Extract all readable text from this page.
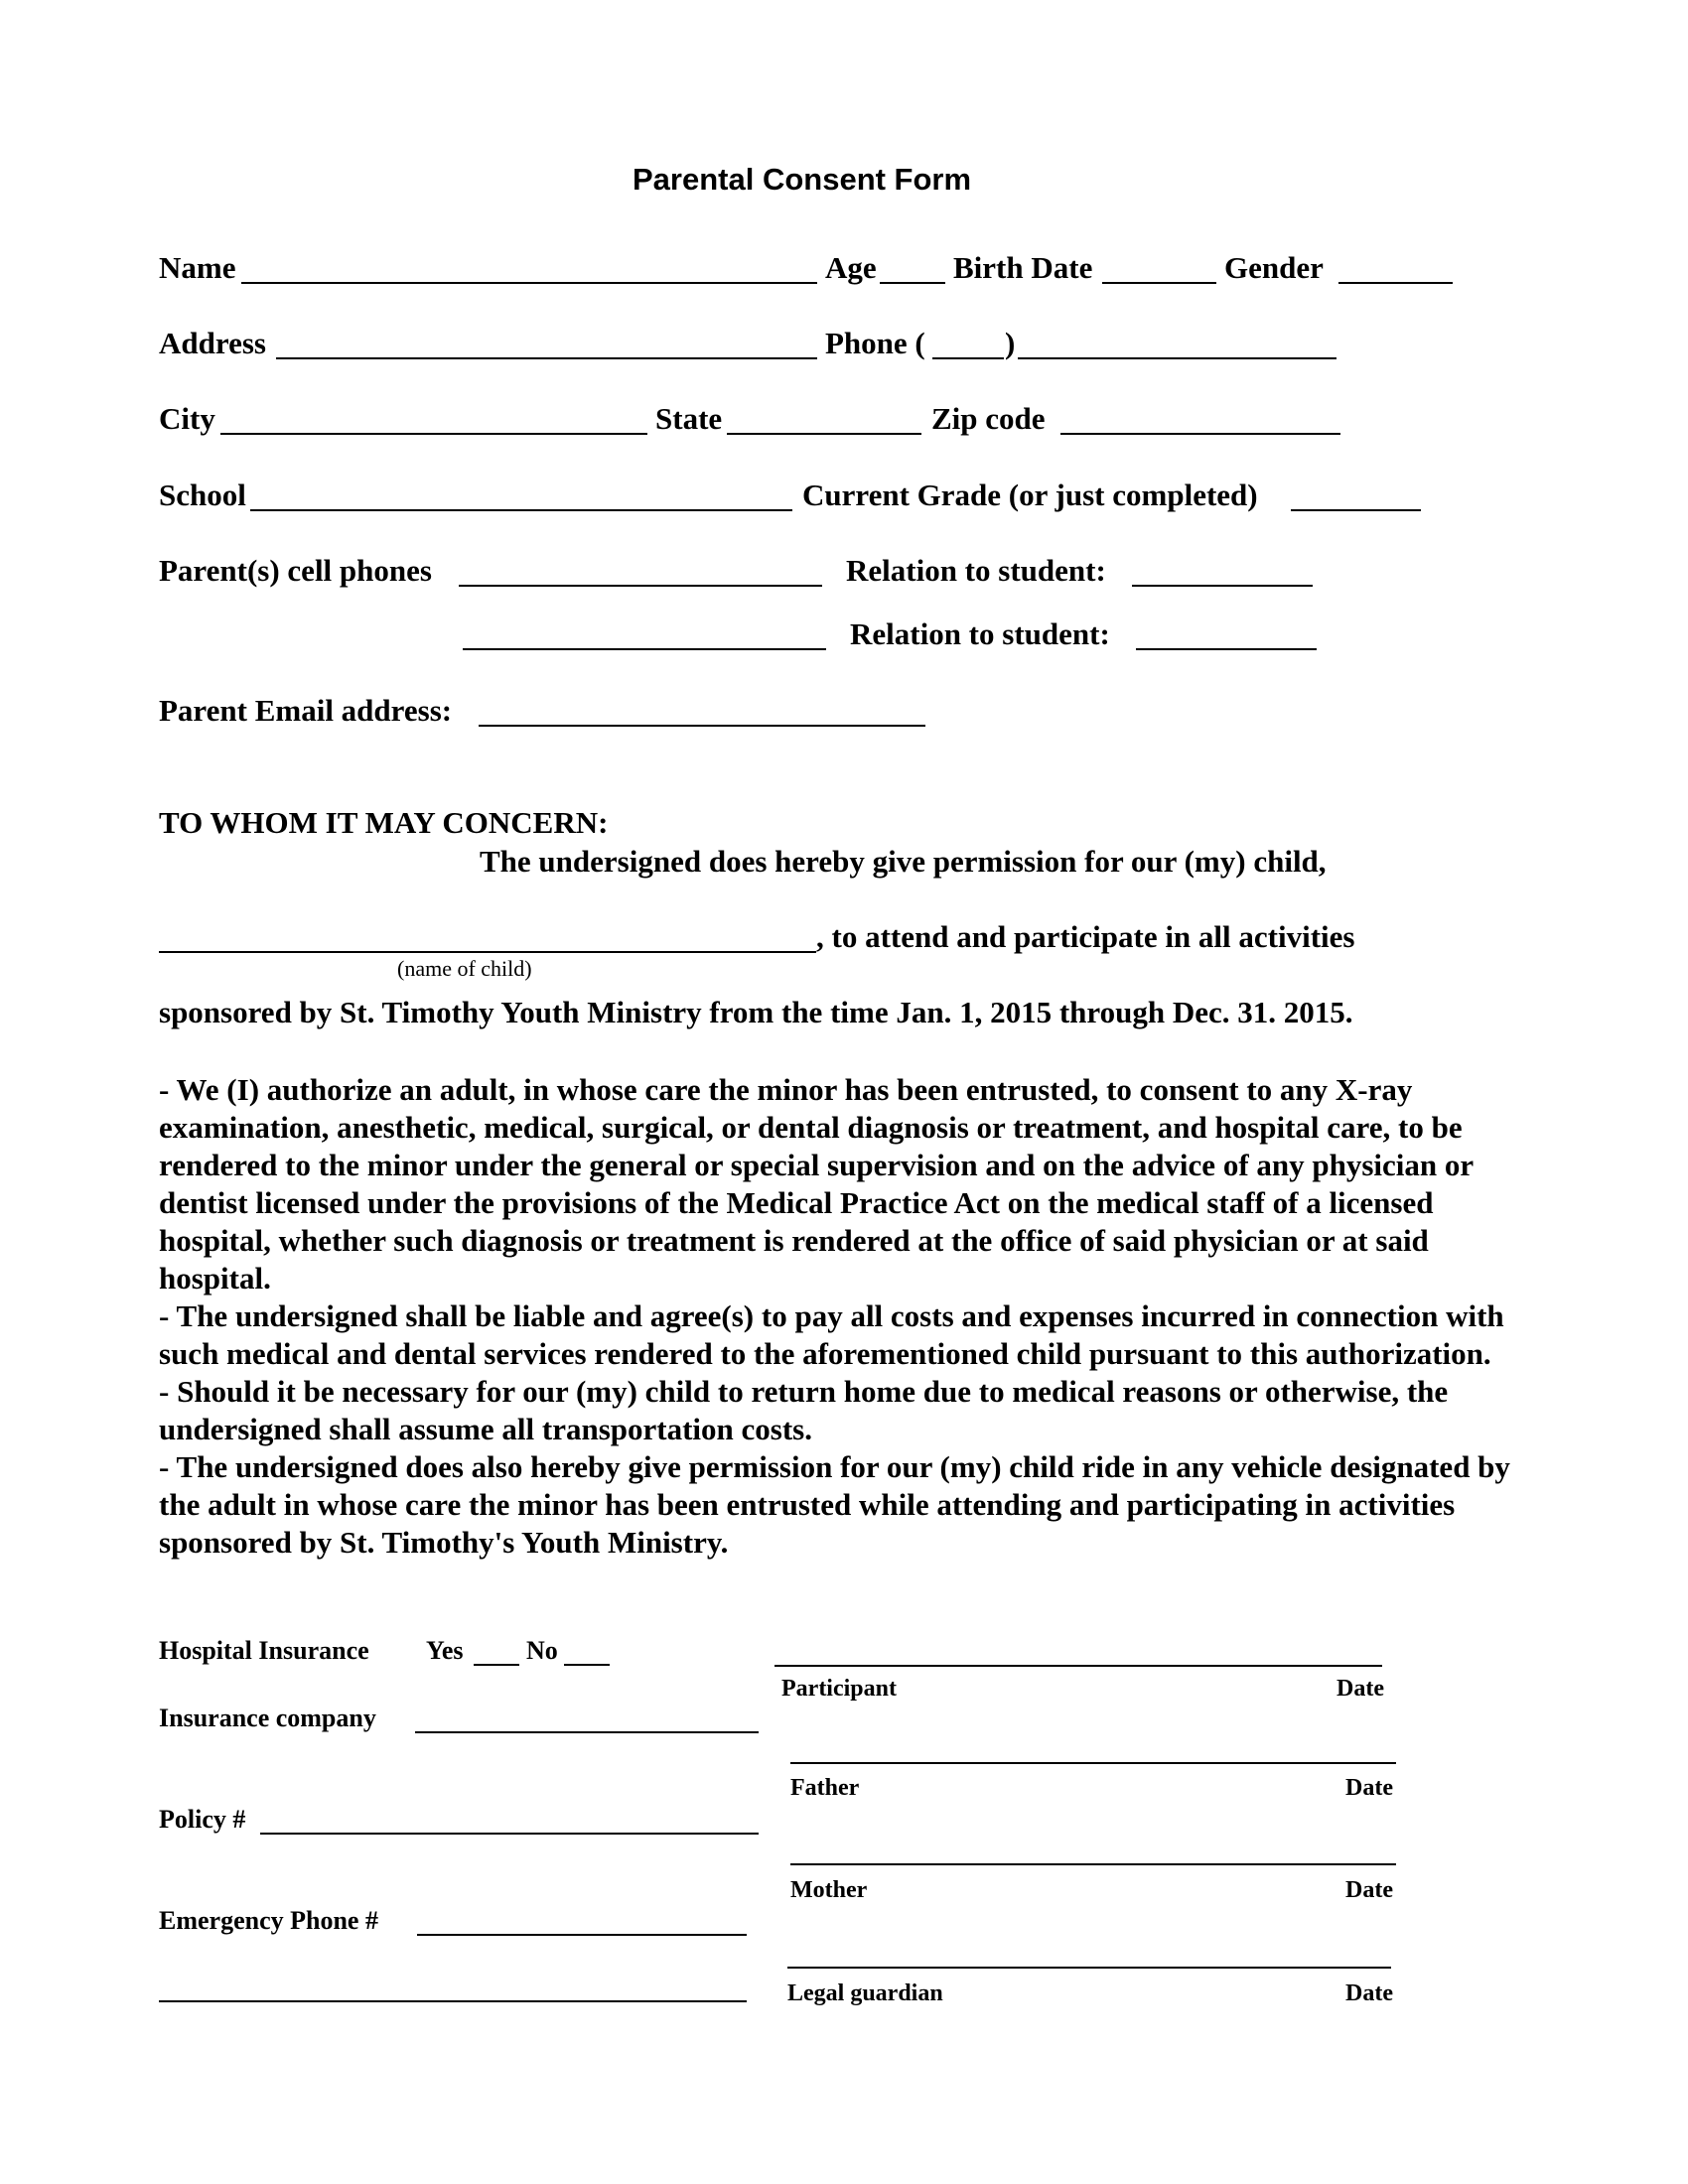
Parental Consent Form
Name	Age Birth Date	Gender
Address	Phone (	)
City	State	Zip code
School	Current Grade (or just completed)
Parent(s) cell phones	Relation to student:
Relation to student:
Parent Email address:
TO WHOM IT MAY CONCERN:
The undersigned does hereby give permission for our (my) child,
, to attend and participate in all activities
(name of child)
sponsored by St. Timothy Youth Ministry from the time Jan. 1, 2015 through Dec. 31. 2015.

- We (I) authorize an adult, in whose care the minor has been entrusted, to consent to any X-ray examination, anesthetic, medical, surgical, or dental diagnosis or treatment, and hospital care, to be rendered to the minor under the general or special supervision and on the advice of any physician or dentist licensed under the provisions of the Medical Practice Act on the medical staff of a licensed hospital, whether such diagnosis or treatment is rendered at the office of said physician or at said hospital.

- The undersigned shall be liable and agree(s) to pay all costs and expenses incurred in connection with such medical and dental services rendered to the aforementioned child pursuant to this authorization.

- Should it be necessary for our (my) child to return home due to medical reasons or otherwise, the undersigned shall assume all transportation costs.

- The undersigned does also hereby give permission for our (my) child ride in any vehicle designated by the adult in whose care the minor has been entrusted while attending and participating in activities sponsored by St. Timothy's Youth Ministry.

Hospital Insurance Yes No
Insurance company
Policy #
Emergency Phone #
Participant	Date
Father	Date
Mother	Date
Legal guardian	Date
